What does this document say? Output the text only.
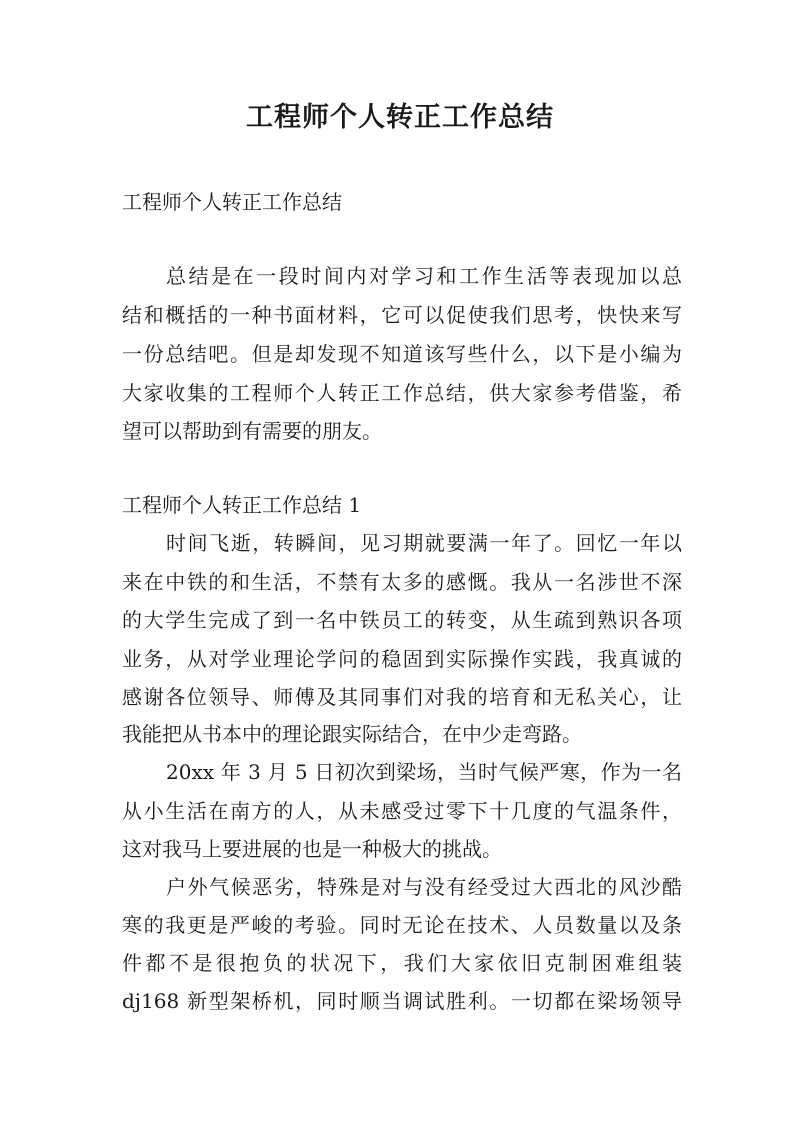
工程师个人转正工作总结
工程师个人转正工作总结
总结是在一段时间内对学习和工作生活等表现加以总
结和概括的一种书面材料，它可以促使我们思考，快快来写
一份总结吧。但是却发现不知道该写些什么，以下是小编为
大家收集的工程师个人转正工作总结，供大家参考借鉴，希
望可以帮助到有需要的朋友。
工程师个人转正工作总结 1
时间飞逝，转瞬间，见习期就要满一年了。回忆一年以
来在中铁的和生活，不禁有太多的感慨。我从一名涉世不深
的大学生完成了到一名中铁员工的转变，从生疏到熟识各项
业务，从对学业理论学问的稳固到实际操作实践，我真诚的
感谢各位领导、师傅及其同事们对我的培育和无私关心，让
我能把从书本中的理论跟实际结合，在中少走弯路。
20xx 年 3 月 5 日初次到梁场，当时气候严寒，作为一名
从小生活在南方的人，从未感受过零下十几度的气温条件，
这对我马上要进展的也是一种极大的挑战。
户外气候恶劣，特殊是对与没有经受过大西北的风沙酷
寒的我更是严峻的考验。同时无论在技术、人员数量以及条
件都不是很抱负的状况下，我们大家依旧克制困难组装
dj168 新型架桥机，同时顺当调试胜利。一切都在梁场领导
